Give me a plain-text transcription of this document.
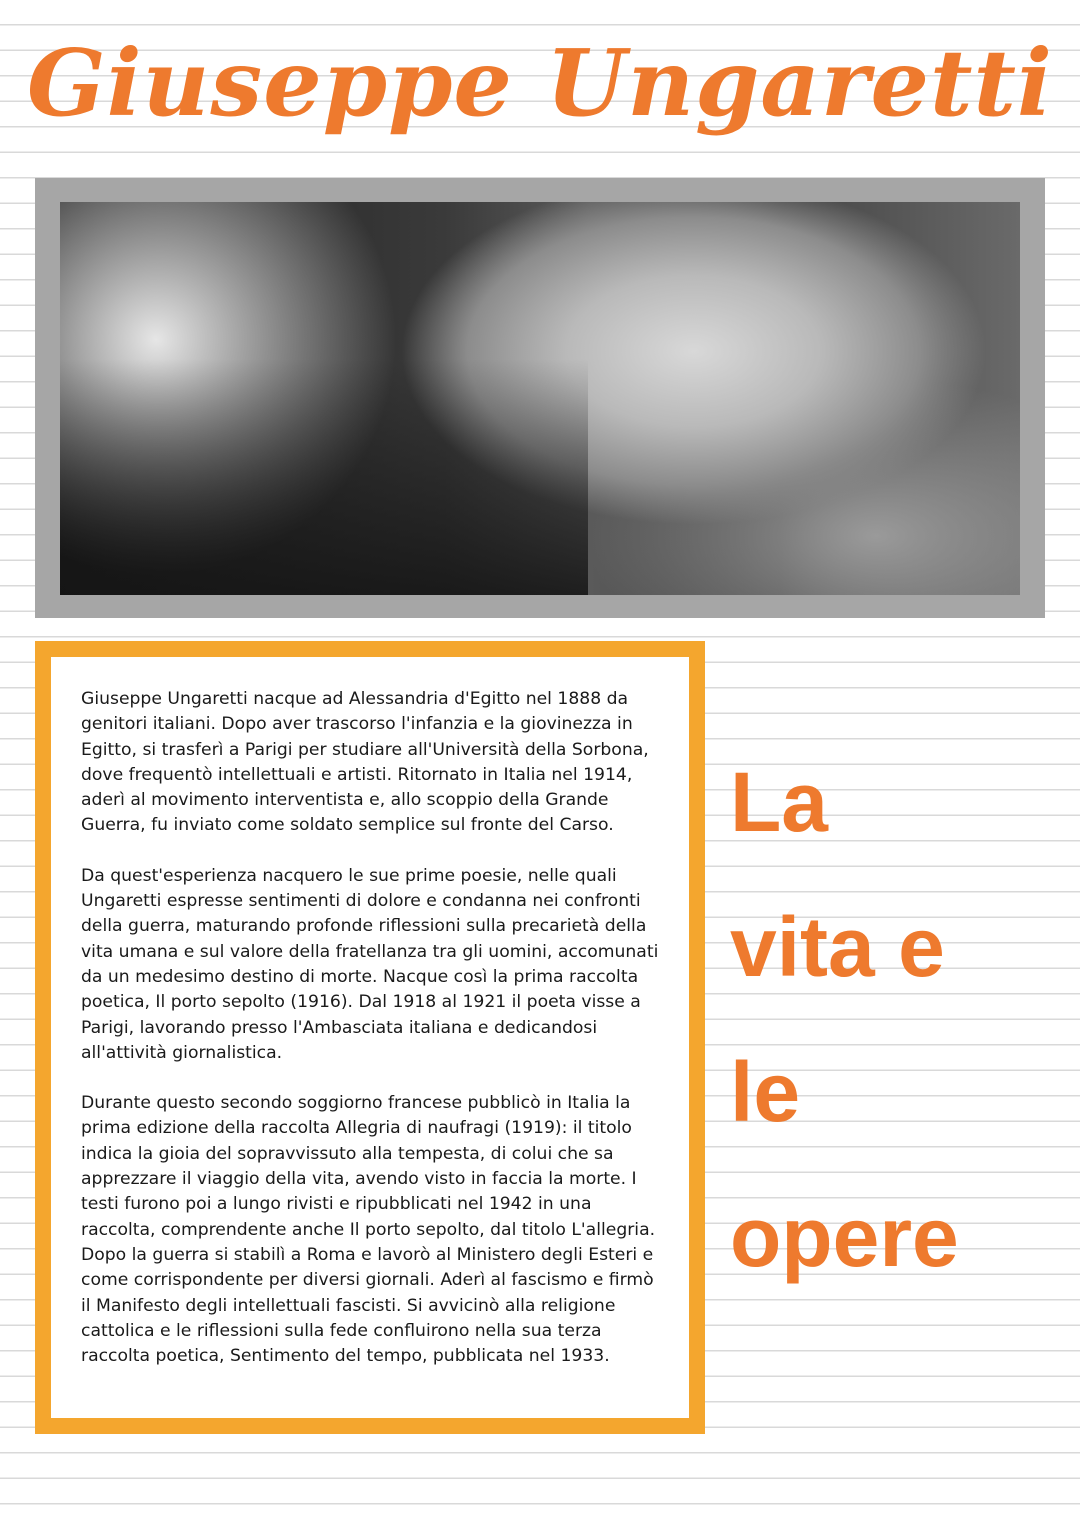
Giuseppe Ungaretti

Giuseppe Ungaretti nacque ad Alessandria d'Egitto nel 1888 da genitori italiani. Dopo aver trascorso l'infanzia e la giovinezza in Egitto, si trasferì a Parigi per studiare all'Università della Sorbona, dove frequentò intellettuali e artisti. Ritornato in Italia nel 1914, aderì al movimento interventista e, allo scoppio della Grande Guerra, fu inviato come soldato semplice sul fronte del Carso.

Da quest'esperienza nacquero le sue prime poesie, nelle quali Ungaretti espresse sentimenti di dolore e condanna nei confronti della guerra, maturando profonde riflessioni sulla precarietà della vita umana e sul valore della fratellanza tra gli uomini, accomunati da un medesimo destino di morte. Nacque così la prima raccolta poetica, Il porto sepolto (1916). Dal 1918 al 1921 il poeta visse a Parigi, lavorando presso l'Ambasciata italiana e dedicandosi all'attività giornalistica.

Durante questo secondo soggiorno francese pubblicò in Italia la prima edizione della raccolta Allegria di naufragi (1919): il titolo indica la gioia del sopravvissuto alla tempesta, di colui che sa apprezzare il viaggio della vita, avendo visto in faccia la morte. I testi furono poi a lungo rivisti e ripubblicati nel 1942 in una raccolta, comprendente anche Il porto sepolto, dal titolo L'allegria. Dopo la guerra si stabilì a Roma e lavorò al Ministero degli Esteri e come corrispondente per diversi giornali. Aderì al fascismo e firmò il Manifesto degli intellettuali fascisti. Si avvicinò alla religione cattolica e le riflessioni sulla fede confluirono nella sua terza raccolta poetica, Sentimento del tempo, pubblicata nel 1933.

La
vita e
le
opere
